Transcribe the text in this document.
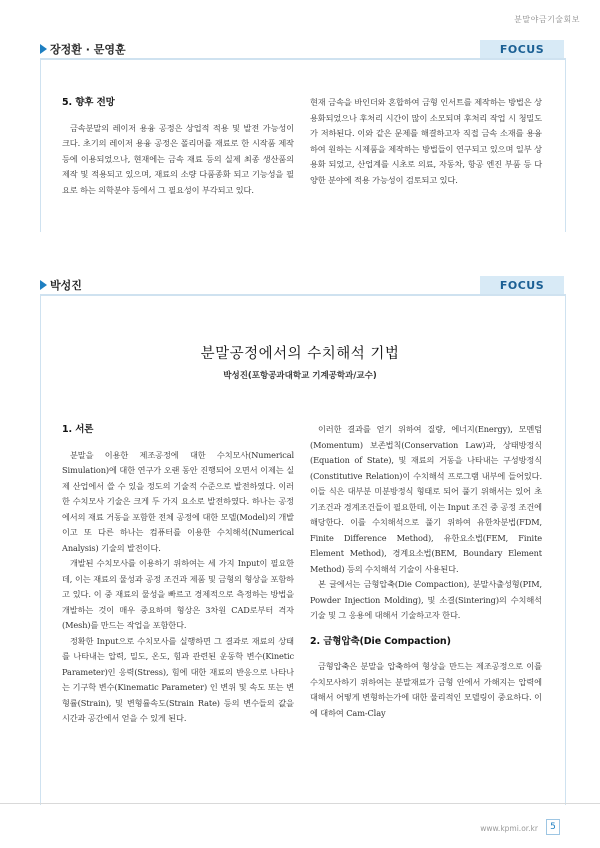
분말야금기술회보
장정환 · 문영훈	FOCUS
5. 향후 전망

금속분말의 레이저 용융 공정은 상업적 적용 및 발전 가능성이 크다. 초기의 레이저 용융 공정은 폴리머를 재료로 한 시작품 제작 등에 이용되었으나, 현재에는 금속 재료 등의 실제 최종 생산품의 제작 및 적용되고 있으며, 재료의 소량 다품종화 되고 기능성을 필요로 하는 의학분야 등에서 그 필요성이 부각되고 있다.

현재 금속을 바인더와 혼합하여 금형 인서트를 제작하는 방법은 상용화되었으나 후처리 시간이 많이 소모되며 후처리 작업 시 청밀도가 저하된다. 이와 같은 문제를 해결하고자 직접 금속 소재를 용융하여 원하는 시제품을 제작하는 방법들이 연구되고 있으며 일부 상용화 되었고, 산업계를 시초로 의료, 자동차, 항공 엔진 부품 등 다양한 분야에 적용 가능성이 검토되고 있다.

박성진	FOCUS
분말공정에서의 수치해석 기법
박성진(포항공과대학교 기계공학과/교수)
1. 서론

분말을 이용한 제조공정에 대한 수치모사(Numerical Simulation)에 대한 연구가 오랜 동안 진행되어 오면서 이제는 실제 산업에서 쓸 수 있을 정도의 기술적 수준으로 발전하였다. 이러한 수치모사 기술은 크게 두 가지 요소로 발전하였다. 하나는 공정에서의 재료 거동을 포함한 전체 공정에 대한 모델(Model)의 개발이고 또 다른 하나는 컴퓨터를 이용한 수치해석(Numerical Analysis) 기술의 발전이다.

개발된 수치모사를 이용하기 위하여는 세 가지 Input이 필요한데, 이는 재료의 물성과 공정 조건과 제품 및 금형의 형상을 포함하고 있다. 이 중 재료의 물성을 빠르고 경제적으로 측정하는 방법을 개발하는 것이 매우 중요하며 형상은 3차원 CAD로부터 격자(Mesh)를 만드는 작업을 포함한다.

정확한 Input으로 수치모사를 실행하면 그 결과로 재료의 상태를 나타내는 압력, 밀도, 온도, 힘과 관련된 운동학 변수(Kinetic Parameter)인 응력(Stress), 힘에 대한 재료의 반응으로 나타나는 기구학 변수(Kinematic Parameter) 인 변위 및 속도 또는 변형률(Strain), 및 변형률속도(Strain Rate) 등의 변수들의 값을 시간과 공간에서 얻을 수 있게 된다.

이러한 결과를 얻기 위하여 질량, 에너지(Energy), 모멘텀(Momentum) 보존법칙(Conservation Law)과, 상태방정식(Equation of State), 및 재료의 거동을 나타내는 구성방정식(Constitutive Relation)이 수치해석 프로그램 내부에 들어있다. 이들 식은 대부분 미분방정식 형태로 되어 풀기 위해서는 있어 초기조건과 경계조건들이 필요한데, 이는 Input 조건 중 공정 조건에 해당한다. 이를 수치해석으로 풀기 위하여 유한차분법(FDM, Finite Difference Method), 유한요소법(FEM, Finite Element Method), 경계요소법(BEM, Boundary Element Method) 등의 수치해석 기술이 사용된다.

본 글에서는 금형압축(Die Compaction), 분말사출성형(PIM, Powder Injection Molding), 및 소결(Sintering)의 수치해석 기술 및 그 응용에 대해서 기술하고자 한다.

2. 금형압축(Die Compaction)

금형압축은 분말을 압축하여 형상을 만드는 제조공정으로 이를 수치모사하기 위하여는 분말재료가 금형 안에서 가해지는 압력에 대해서 어떻게 변형하는가에 대한 물리적인 모델링이 중요하다. 이에 대하여 Cam-Clay

www.kpmi.or.kr	5
